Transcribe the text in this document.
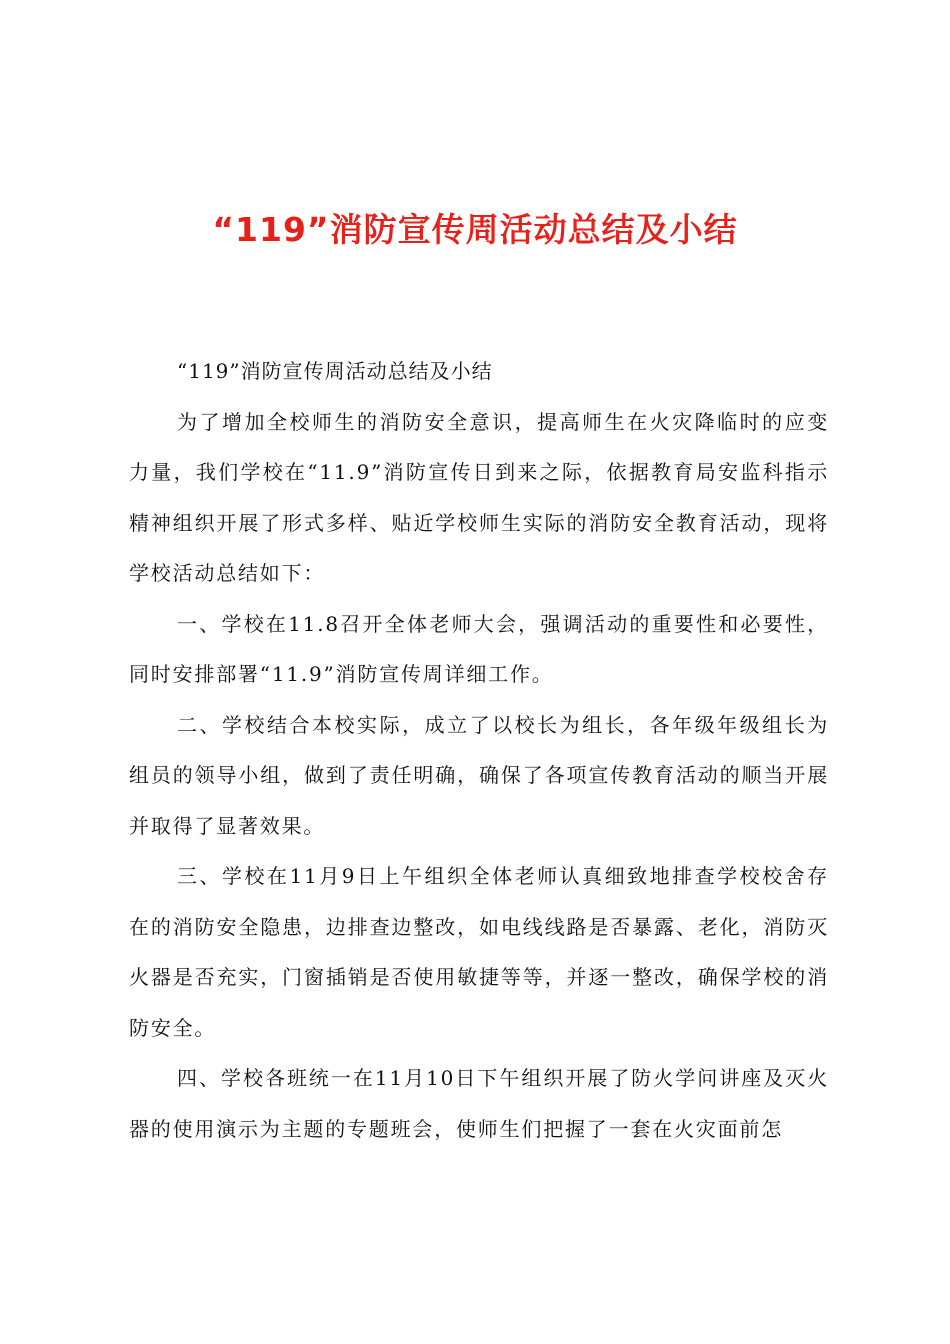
“119”消防宣传周活动总结及小结

“119”消防宣传周活动总结及小结

为了增加全校师生的消防安全意识，提高师生在火灾降临时的应变力量，我们学校在“11.9”消防宣传日到来之际，依据教育局安监科指示精神组织开展了形式多样、贴近学校师生实际的消防安全教育活动，现将学校活动总结如下：

一、学校在11.8召开全体老师大会，强调活动的重要性和必要性，同时安排部署“11.9”消防宣传周详细工作。

二、学校结合本校实际，成立了以校长为组长，各年级年级组长为组员的领导小组，做到了责任明确，确保了各项宣传教育活动的顺当开展并取得了显著效果。

三、学校在11月9日上午组织全体老师认真细致地排查学校校舍存在的消防安全隐患，边排查边整改，如电线线路是否暴露、老化，消防灭火器是否充实，门窗插销是否使用敏捷等等，并逐一整改，确保学校的消防安全。

四、学校各班统一在11月10日下午组织开展了防火学问讲座及灭火器的使用演示为主题的专题班会，使师生们把握了一套在火灾面前怎
